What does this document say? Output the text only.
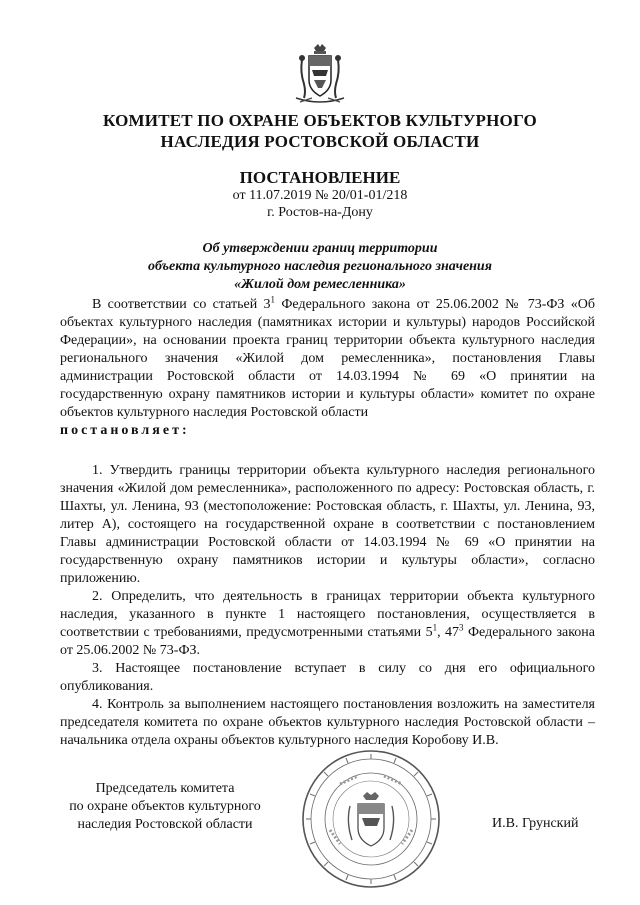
КОМИТЕТ ПО ОХРАНЕ ОБЪЕКТОВ КУЛЬТУРНОГО
НАСЛЕДИЯ РОСТОВСКОЙ ОБЛАСТИ
ПОСТАНОВЛЕНИЕ
от 11.07.2019 № 20/01-01/218
г. Ростов-на-Дону
Об утверждении границ территории
объекта культурного наследия регионального значения
«Жилой дом ремесленника»

В соответствии со статьей $3^1$ Федерального закона от 25.06.2002 № 73-ФЗ «Об объектах культурного наследия (памятниках истории и культуры) народов Российской Федерации», на основании проекта границ территории объекта культурного наследия регионального значения «Жилой дом ремесленника», постановления Главы администрации Ростовской области от 14.03.1994 № 69 «О принятии на государственную охрану памятников истории и культуры области» комитет по охране объектов культурного наследия Ростовской области

постановляет:

1. Утвердить границы территории объекта культурного наследия регионального значения «Жилой дом ремесленника», расположенного по адресу: Ростовская область, г. Шахты, ул. Ленина, 93 (местоположение: Ростовская область, г. Шахты, ул. Ленина, 93, литер А), состоящего на государственной охране в соответствии с постановлением Главы администрации Ростовской области от 14.03.1994 № 69 «О принятии на государственную охрану памятников истории и культуры области», согласно приложению.

2. Определить, что деятельность в границах территории объекта культурного наследия, указанного в пункте 1 настоящего постановления, осуществляется в соответствии с требованиями, предусмотренными статьями $5^1$, $47^3$ Федерального закона от 25.06.2002 № 73-ФЗ.

3. Настоящее постановление вступает в силу со дня его официального опубликования.

4. Контроль за выполнением настоящего постановления возложить на заместителя председателя комитета по охране объектов культурного наследия Ростовской области – начальника отдела охраны объектов культурного наследия Коробову И.В.

Председатель комитета
по охране объектов культурного
наследия Ростовской области	И.В. Грунский
